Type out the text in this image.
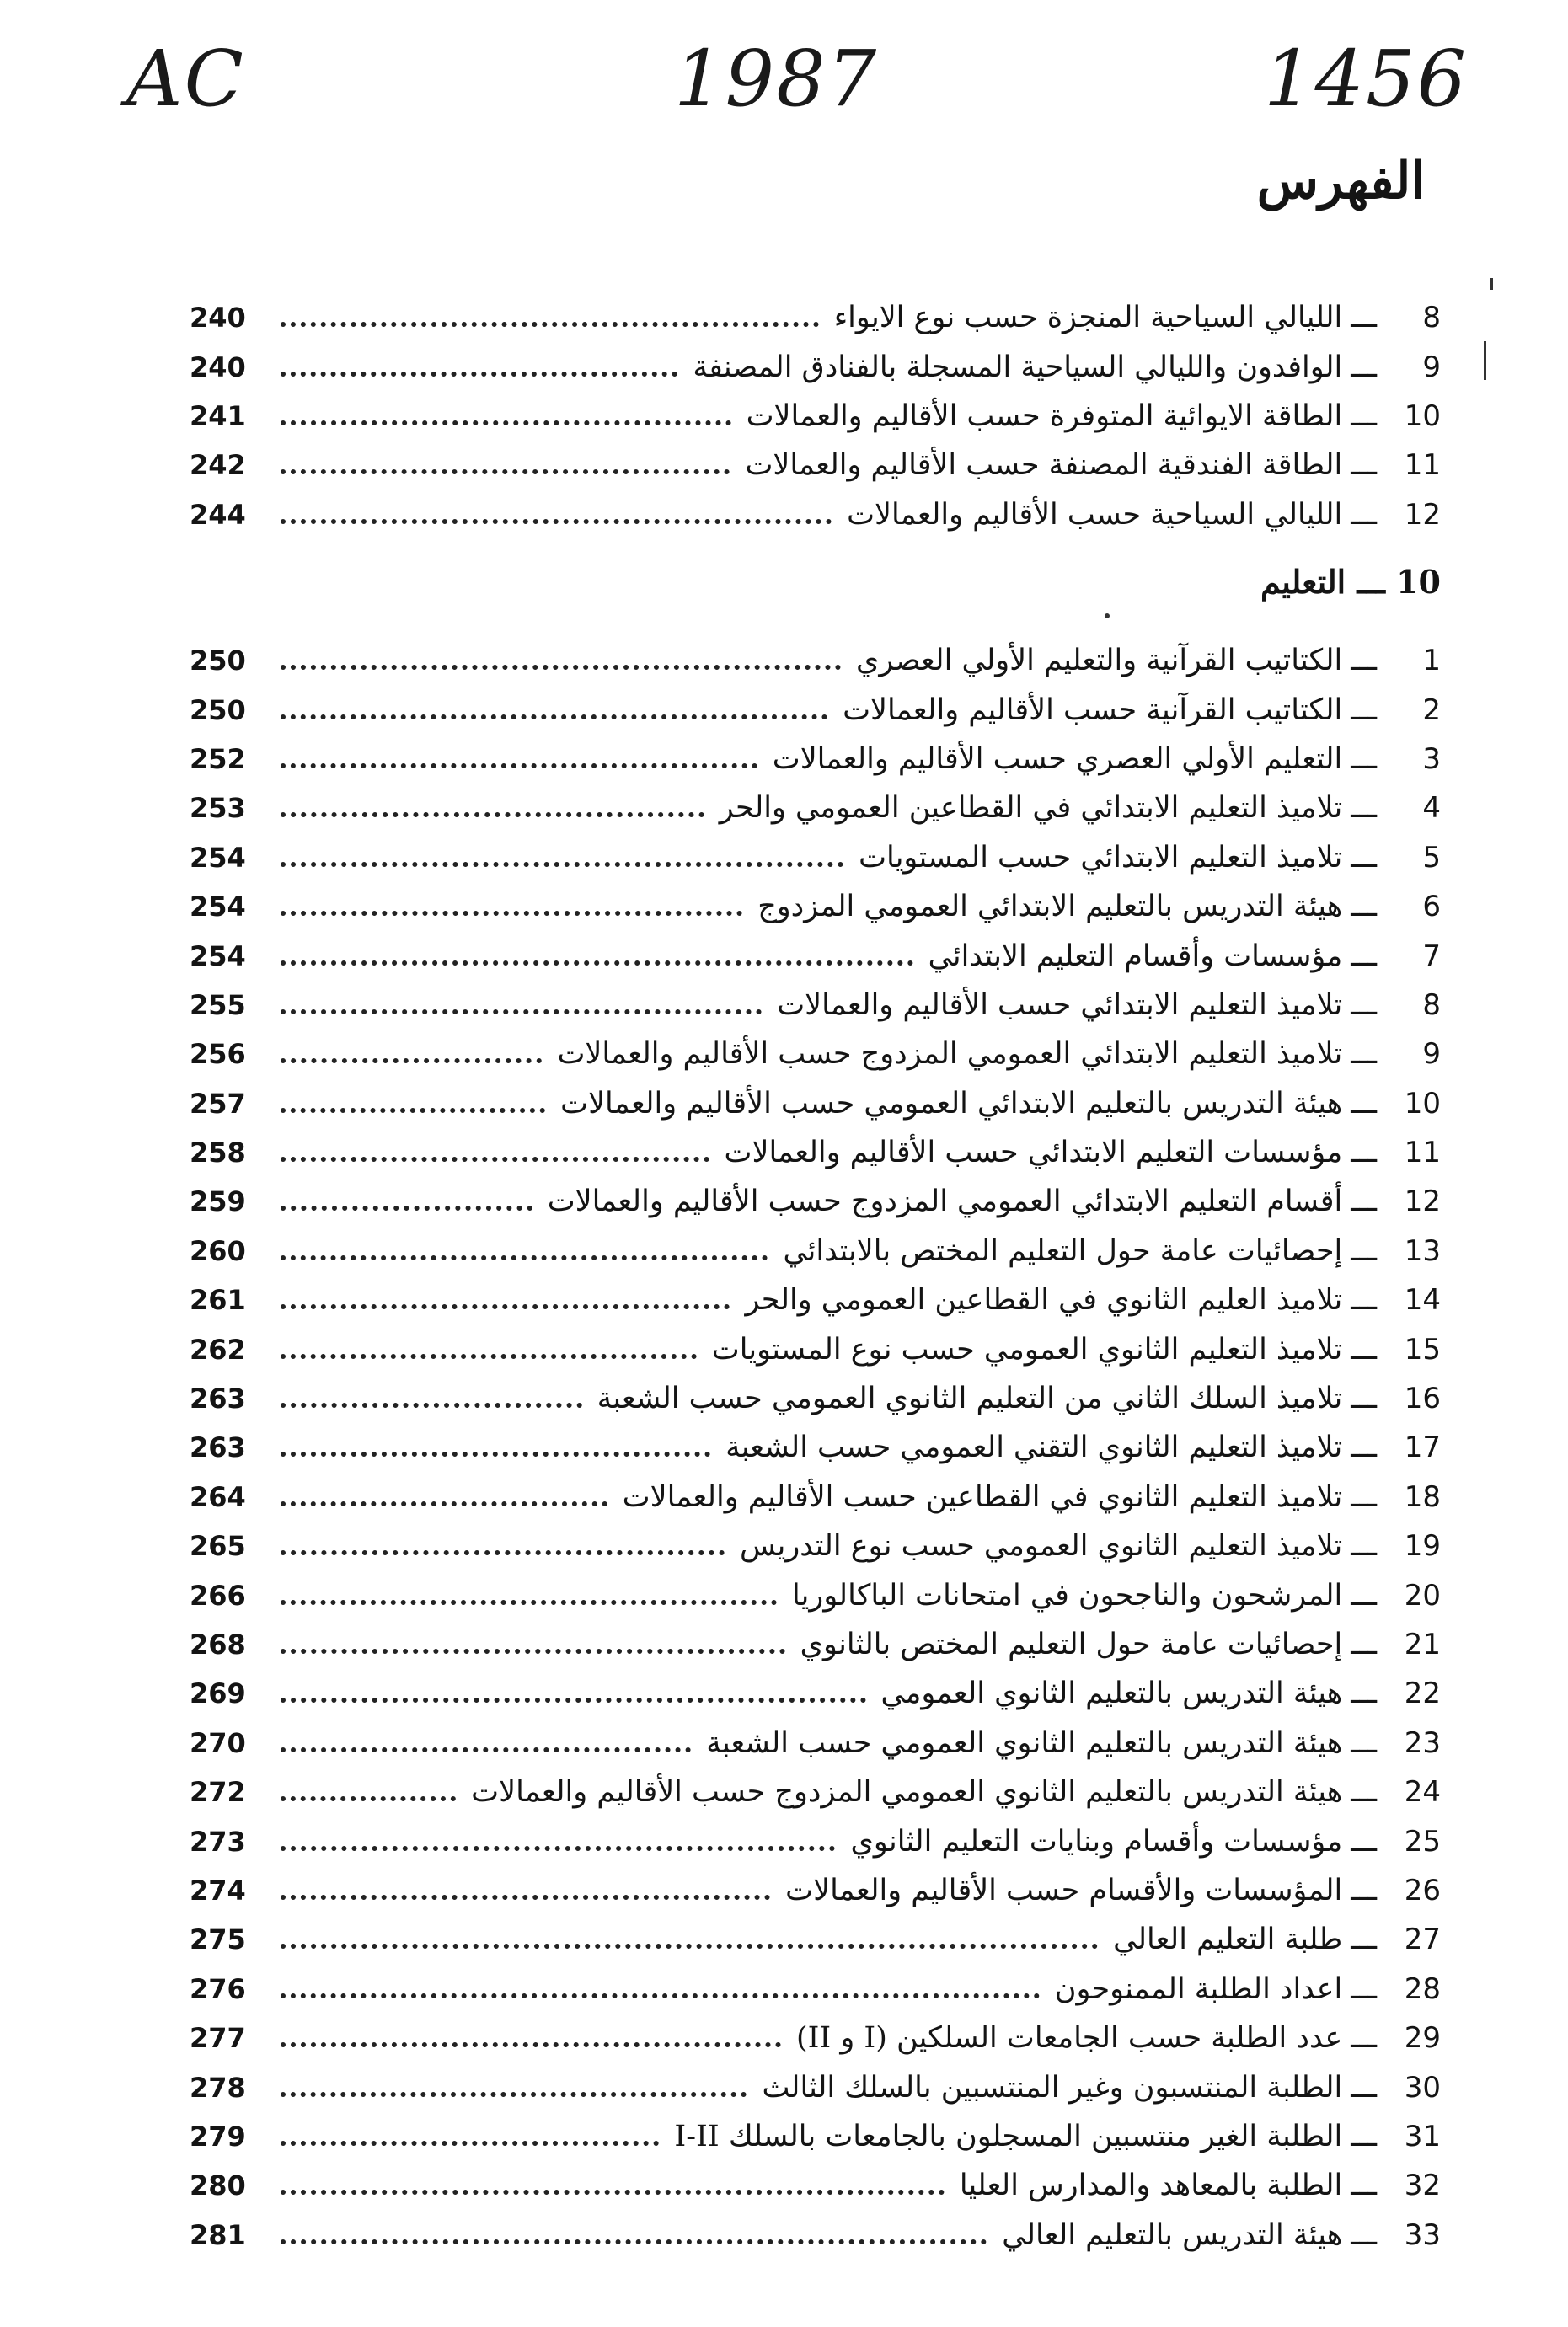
AC	1987	1456
الفهرس
8
ـــ
الليالي السياحية المنجزة حسب نوع الايواء
240
9
ـــ
الوافدون والليالي السياحية المسجلة بالفنادق المصنفة
240
10
ـــ
الطاقة الايوائية المتوفرة حسب الأقاليم والعمالات
241
11
ـــ
الطاقة الفندقية المصنفة حسب الأقاليم والعمالات
242
12
ـــ
الليالي السياحية حسب الأقاليم والعمالات
244
10 ـــ التعليم
1
ـــ
الكتاتيب القرآنية والتعليم الأولي العصري
250
2
ـــ
الكتاتيب القرآنية حسب الأقاليم والعمالات
250
3
ـــ
التعليم الأولي العصري حسب الأقاليم والعمالات
252
4
ـــ
تلاميذ التعليم الابتدائي في القطاعين العمومي والحر
253
5
ـــ
تلاميذ التعليم الابتدائي حسب المستويات
254
6
ـــ
هيئة التدريس بالتعليم الابتدائي العمومي المزدوج
254
7
ـــ
مؤسسات وأقسام التعليم الابتدائي
254
8
ـــ
تلاميذ التعليم الابتدائي حسب الأقاليم والعمالات
255
9
ـــ
تلاميذ التعليم الابتدائي العمومي المزدوج حسب الأقاليم والعمالات
256
10
ـــ
هيئة التدريس بالتعليم الابتدائي العمومي حسب الأقاليم والعمالات
257
11
ـــ
مؤسسات التعليم الابتدائي حسب الأقاليم والعمالات
258
12
ـــ
أقسام التعليم الابتدائي العمومي المزدوج حسب الأقاليم والعمالات
259
13
ـــ
إحصائيات عامة حول التعليم المختص بالابتدائي
260
14
ـــ
تلاميذ العليم الثانوي في القطاعين العمومي والحر
261
15
ـــ
تلاميذ التعليم الثانوي العمومي حسب نوع المستويات
262
16
ـــ
تلاميذ السلك الثاني من التعليم الثانوي العمومي حسب الشعبة
263
17
ـــ
تلاميذ التعليم الثانوي التقني العمومي حسب الشعبة
263
18
ـــ
تلاميذ التعليم الثانوي في القطاعين حسب الأقاليم والعمالات
264
19
ـــ
تلاميذ التعليم الثانوي العمومي حسب نوع التدريس
265
20
ـــ
المرشحون والناجحون في امتحانات الباكالوريا
266
21
ـــ
إحصائيات عامة حول التعليم المختص بالثانوي
268
22
ـــ
هيئة التدريس بالتعليم الثانوي العمومي
269
23
ـــ
هيئة التدريس بالتعليم الثانوي العمومي حسب الشعبة
270
24
ـــ
هيئة التدريس بالتعليم الثانوي العمومي المزدوج حسب الأقاليم والعمالات
272
25
ـــ
مؤسسات وأقسام وبنايات التعليم الثانوي
273
26
ـــ
المؤسسات والأقسام حسب الأقاليم والعمالات
274
27
ـــ
طلبة التعليم العالي
275
28
ـــ
اعداد الطلبة الممنوحون
276
29
ـــ
عدد الطلبة حسب الجامعات السلكين (I و II)
277
30
ـــ
الطلبة المنتسبون وغير المنتسبين بالسلك الثالث
278
31
ـــ
الطلبة الغير منتسبين المسجلون بالجامعات بالسلك I-II
279
32
ـــ
الطلبة بالمعاهد والمدارس العليا
280
33
ـــ
هيئة التدريس بالتعليم العالي
281
